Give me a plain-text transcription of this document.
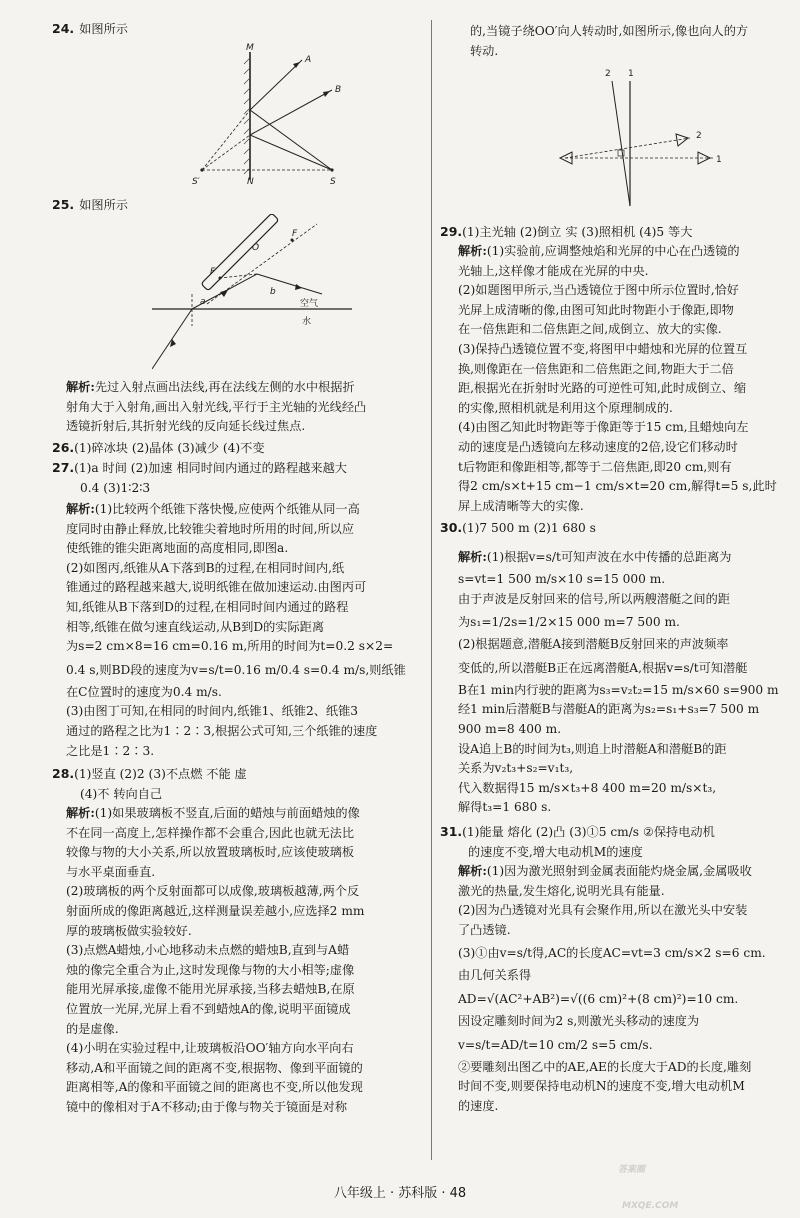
24. 如图所示
M
A
B
S′	N	S
25. 如图所示
空气
水
O
F
F
a
b

解析:先过入射点画出法线,再在法线左侧的水中根据折

射角大于入射角,画出入射光线,平行于主光轴的光线经凸

透镜折射后,其折射光线的反向延长线过焦点.

26.(1)碎冰块 (2)晶体 (3)减少 (4)不变

27.(1)a 时间 (2)加速 相同时间内通过的路程越来越大

0.4 (3)1∶2∶3

解析:(1)比较两个纸锥下落快慢,应使两个纸锥从同一高

度同时由静止释放,比较锥尖着地时所用的时间,所以应

使纸锥的锥尖距离地面的高度相同,即图a.

(2)如图丙,纸锥从A下落到B的过程,在相同时间内,纸

锥通过的路程越来越大,说明纸锥在做加速运动.由图丙可

知,纸锥从B下落到D的过程,在相同时间内通过的路程

相等,纸锥在做匀速直线运动,从B到D的实际距离

为s=2 cm×8=16 cm=0.16 m,所用的时间为t=0.2 s×2=

0.4 s,则BD段的速度为v=s/t=0.16 m/0.4 s=0.4 m/s,则纸锥

在C位置时的速度为0.4 m/s.

(3)由图丁可知,在相同的时间内,纸锥1、纸锥2、纸锥3

通过的路程之比为1∶2∶3,根据公式可知,三个纸锥的速度

之比是1∶2∶3.

28.(1)竖直 (2)2 (3)不点燃 不能 虚

(4)不 转向自己

解析:(1)如果玻璃板不竖直,后面的蜡烛与前面蜡烛的像

不在同一高度上,怎样操作都不会重合,因此也就无法比

较像与物的大小关系,所以放置玻璃板时,应该使玻璃板

与水平桌面垂直.

(2)玻璃板的两个反射面都可以成像,玻璃板越薄,两个反

射面所成的像距离越近,这样测量误差越小,应选择2 mm

厚的玻璃板做实验较好.

(3)点燃A蜡烛,小心地移动未点燃的蜡烛B,直到与A蜡

烛的像完全重合为止,这时发现像与物的大小相等;虚像

能用光屏承接,虚像不能用光屏承接,当移去蜡烛B,在原

位置放一光屏,光屏上看不到蜡烛A的像,说明平面镜成

的是虚像.

(4)小明在实验过程中,让玻璃板沿OO′轴方向水平向右

移动,A和平面镜之间的距离不变,根据物、像到平面镜的

距离相等,A的像和平面镜之间的距离也不变,所以他发现

镜中的像相对于A不移动;由于像与物关于镜面是对称

的,当镜子绕OO′向人转动时,如图所示,像也向人的方

转动.

1
2
2
1

29.(1)主光轴 (2)倒立 实 (3)照相机 (4)5 等大

解析:(1)实验前,应调整烛焰和光屏的中心在凸透镜的

光轴上,这样像才能成在光屏的中央.

(2)如题图甲所示,当凸透镜位于图中所示位置时,恰好

光屏上成清晰的像,由图可知此时物距小于像距,即物

在一倍焦距和二倍焦距之间,成倒立、放大的实像.

(3)保持凸透镜位置不变,将图甲中蜡烛和光屏的位置互

换,则像距在一倍焦距和二倍焦距之间,物距大于二倍

距,根据光在折射时光路的可逆性可知,此时成倒立、缩

的实像,照相机就是利用这个原理制成的.

(4)由图乙知此时物距等于像距等于15 cm,且蜡烛向左

动的速度是凸透镜向左移动速度的2倍,设它们移动时

t后物距和像距相等,都等于二倍焦距,即20 cm,则有

得2 cm/s×t+15 cm−1 cm/s×t=20 cm,解得t=5 s,此时

屏上成清晰等大的实像.

30.(1)7 500 m (2)1 680 s

解析:(1)根据v=s/t可知声波在水中传播的总距离为

s=vt=1 500 m/s×10 s=15 000 m.

由于声波是反射回来的信号,所以两艘潜艇之间的距

为s₁=1/2s=1/2×15 000 m=7 500 m.

(2)根据题意,潜艇A接到潜艇B反射回来的声波频率

变低的,所以潜艇B正在远离潜艇A,根据v=s/t可知潜艇

B在1 min内行驶的距离为s₃=v₂t₂=15 m/s×60 s=900 m

经1 min后潜艇B与潜艇A的距离为s₂=s₁+s₃=7 500 m

900 m=8 400 m.

设A追上B的时间为t₃,则追上时潜艇A和潜艇B的距

关系为v₂t₃+s₂=v₁t₃,

代入数据得15 m/s×t₃+8 400 m=20 m/s×t₃,

解得t₃=1 680 s.

31.(1)能量 熔化 (2)凸 (3)①5 cm/s ②保持电动机

的速度不变,增大电动机M的速度

解析:(1)因为激光照射到金属表面能灼烧金属,金属吸收

激光的热量,发生熔化,说明光具有能量.

(2)因为凸透镜对光具有会聚作用,所以在激光头中安装

了凸透镜.

(3)①由v=s/t得,AC的长度AC=vt=3 cm/s×2 s=6 cm.

由几何关系得

AD=√(AC²+AB²)=√((6 cm)²+(8 cm)²)=10 cm.

因设定雕刻时间为2 s,则激光头移动的速度为

v=s/t=AD/t=10 cm/2 s=5 cm/s.

②要雕刻出图乙中的AE,AE的长度大于AD的长度,雕刻

时间不变,则要保持电动机N的速度不变,增大电动机M

的速度.

八年级上 · 苏科版 · 48
答案圈
MXQE.COM
